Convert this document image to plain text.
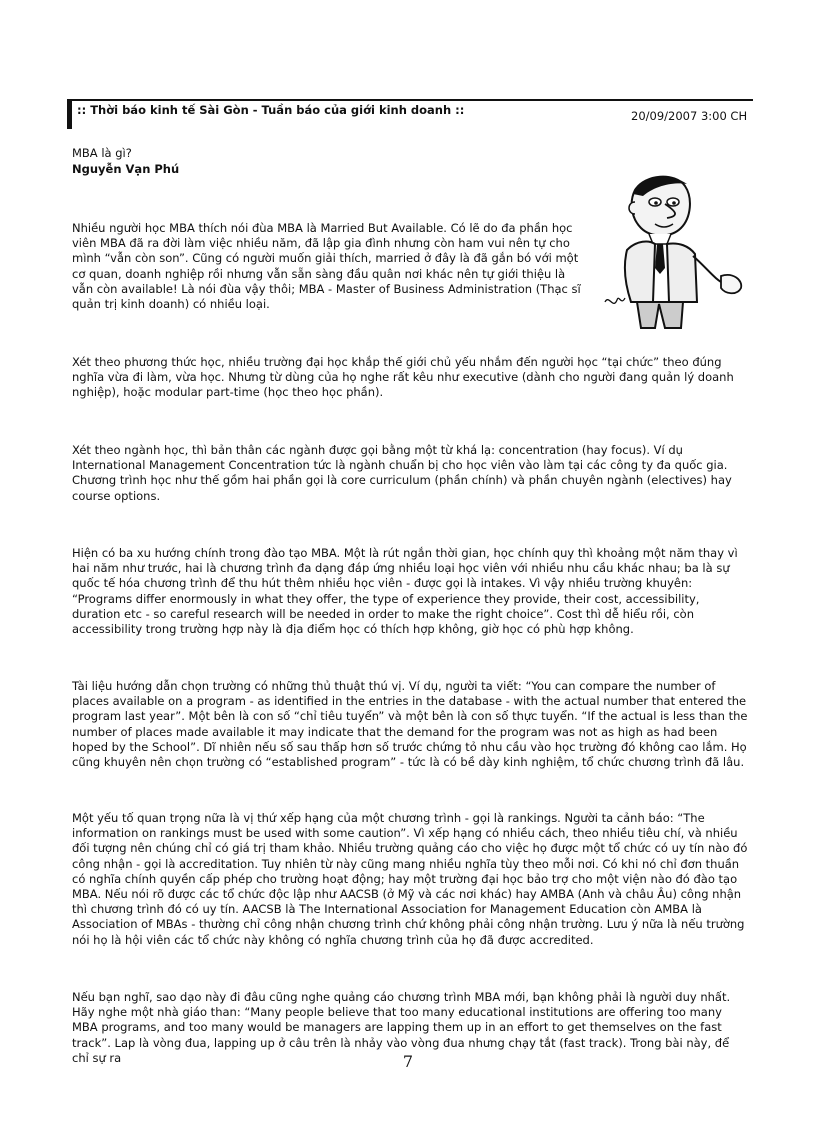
:: Thời báo kinh tế Sài Gòn - Tuần báo của giới kinh doanh ::	20/09/2007 3:00 CH
MBA là gì?
Nguyễn Vạn Phú

Nhiều người học MBA thích nói đùa MBA là Married But Available. Có lẽ do đa phần học viên MBA đã ra đời làm việc nhiều năm, đã lập gia đình nhưng còn ham vui nên tự cho mình “vẫn còn son”. Cũng có người muốn giải thích, married ở đây là đã gắn bó với một cơ quan, doanh nghiệp rồi nhưng vẫn sẵn sàng đầu quân nơi khác nên tự giới thiệu là vẫn còn available! Là nói đùa vậy thôi; MBA - Master of Business Administration (Thạc sĩ quản trị kinh doanh) có nhiều loại.

Xét theo phương thức học, nhiều trường đại học khắp thế giới chủ yếu nhắm đến người học “tại chức” theo đúng nghĩa vừa đi làm, vừa học. Nhưng từ dùng của họ nghe rất kêu như executive (dành cho người đang quản lý doanh nghiệp), hoặc modular part-time (học theo học phần).

Xét theo ngành học, thì bản thân các ngành được gọi bằng một từ khá lạ: concentration (hay focus). Ví dụ International Management Concentration tức là ngành chuẩn bị cho học viên vào làm tại các công ty đa quốc gia. Chương trình học như thế gồm hai phần gọi là core curriculum (phần chính) và phần chuyên ngành (electives) hay course options.

Hiện có ba xu hướng chính trong đào tạo MBA. Một là rút ngắn thời gian, học chính quy thì khoảng một năm thay vì hai năm như trước, hai là chương trình đa dạng đáp ứng nhiều loại học viên với nhiều nhu cầu khác nhau; ba là sự quốc tế hóa chương trình để thu hút thêm nhiều học viên - được gọi là intakes. Vì vậy nhiều trường khuyên: “Programs differ enormously in what they offer, the type of experience they provide, their cost, accessibility, duration etc - so careful research will be needed in order to make the right choice”. Cost thì dễ hiểu rồi, còn accessibility trong trường hợp này là địa điểm học có thích hợp không, giờ học có phù hợp không.

Tài liệu hướng dẫn chọn trường có những thủ thuật thú vị. Ví dụ, người ta viết: “You can compare the number of places available on a program - as identified in the entries in the database - with the actual number that entered the program last year”. Một bên là con số “chỉ tiêu tuyển” và một bên là con số thực tuyển. “If the actual is less than the number of places made available it may indicate that the demand for the program was not as high as had been hoped by the School”. Dĩ nhiên nếu số sau thấp hơn số trước chứng tỏ nhu cầu vào học trường đó không cao lắm. Họ cũng khuyên nên chọn trường có “established program” - tức là có bề dày kinh nghiệm, tổ chức chương trình đã lâu.

Một yếu tố quan trọng nữa là vị thứ xếp hạng của một chương trình - gọi là rankings. Người ta cảnh báo: “The information on rankings must be used with some caution”. Vì xếp hạng có nhiều cách, theo nhiều tiêu chí, và nhiều đối tượng nên chúng chỉ có giá trị tham khảo. Nhiều trường quảng cáo cho việc họ được một tổ chức có uy tín nào đó công nhận - gọi là accreditation. Tuy nhiên từ này cũng mang nhiều nghĩa tùy theo mỗi nơi. Có khi nó chỉ đơn thuần có nghĩa chính quyền cấp phép cho trường hoạt động; hay một trường đại học bảo trợ cho một viện nào đó đào tạo MBA. Nếu nói rõ được các tổ chức độc lập như AACSB (ở Mỹ và các nơi khác) hay AMBA (Anh và châu Âu) công nhận thì chương trình đó có uy tín. AACSB là The International Association for Management Education còn AMBA là Association of MBAs - thường chỉ công nhận chương trình chứ không phải công nhận trường. Lưu ý nữa là nếu trường nói họ là hội viên các tổ chức này không có nghĩa chương trình của họ đã được accredited.

Nếu bạn nghĩ, sao dạo này đi đâu cũng nghe quảng cáo chương trình MBA mới, bạn không phải là người duy nhất. Hãy nghe một nhà giáo than: “Many people believe that too many educational institutions are offering too many MBA programs, and too many would be managers are lapping them up in an effort to get themselves on the fast track”. Lap là vòng đua, lapping up ở câu trên là nhảy vào vòng đua nhưng chạy tắt (fast track). Trong bài này, để chỉ sự ra	7
